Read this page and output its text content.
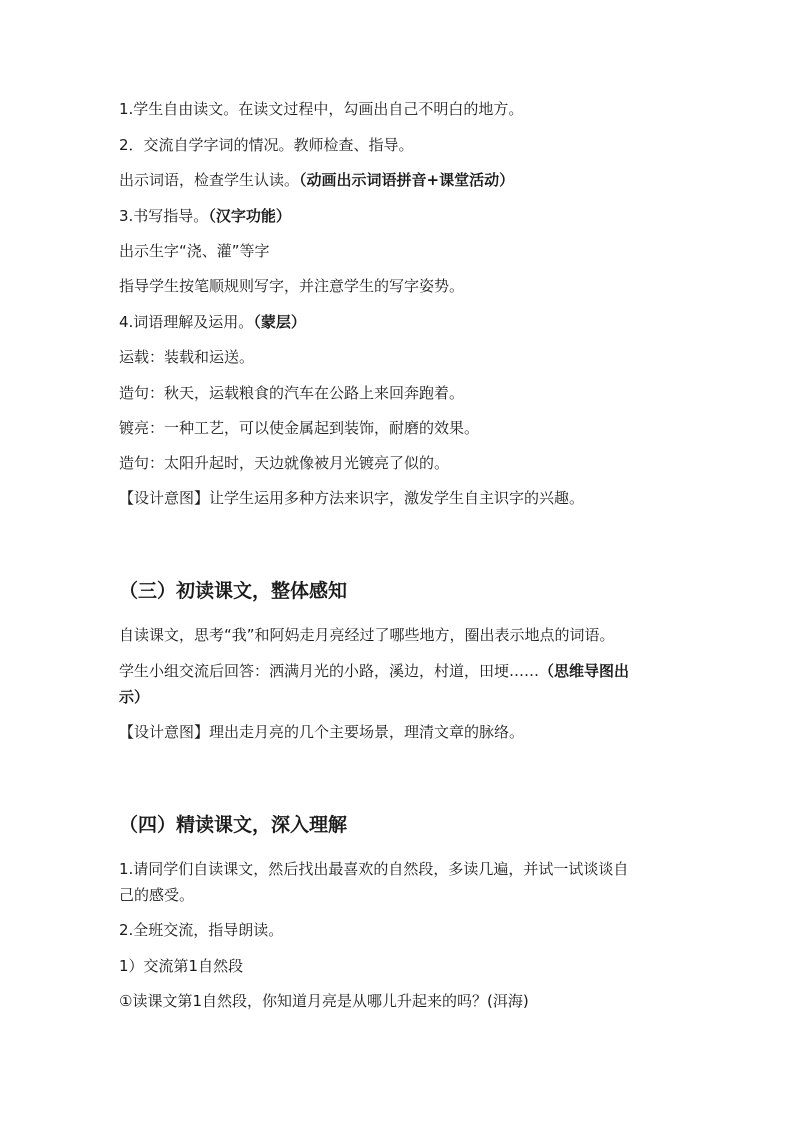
1.学生自由读文。在读文过程中，勾画出自己不明白的地方。
2．交流自学字词的情况。教师检查、指导。
出示词语，检查学生认读。（动画出示词语拼音+课堂活动）
3.书写指导。（汉字功能）
出示生字“浇、灌”等字
指导学生按笔顺规则写字，并注意学生的写字姿势。
4.词语理解及运用。（蒙层）
运载：装载和运送。
造句：秋天，运载粮食的汽车在公路上来回奔跑着。
镀亮：一种工艺，可以使金属起到装饰，耐磨的效果。
造句：太阳升起时，天边就像被月光镀亮了似的。
【设计意图】让学生运用多种方法来识字，激发学生自主识字的兴趣。
（三）初读课文，整体感知
自读课文，思考“我”和阿妈走月亮经过了哪些地方，圈出表示地点的词语。
学生小组交流后回答：洒满月光的小路，溪边，村道，田埂……（思维导图出
示）
【设计意图】理出走月亮的几个主要场景，理清文章的脉络。
（四）精读课文，深入理解
1.请同学们自读课文，然后找出最喜欢的自然段，多读几遍，并试一试谈谈自
己的感受。
2.全班交流，指导朗读。
1）交流第1自然段
①读课文第1自然段，你知道月亮是从哪儿升起来的吗？(洱海)
